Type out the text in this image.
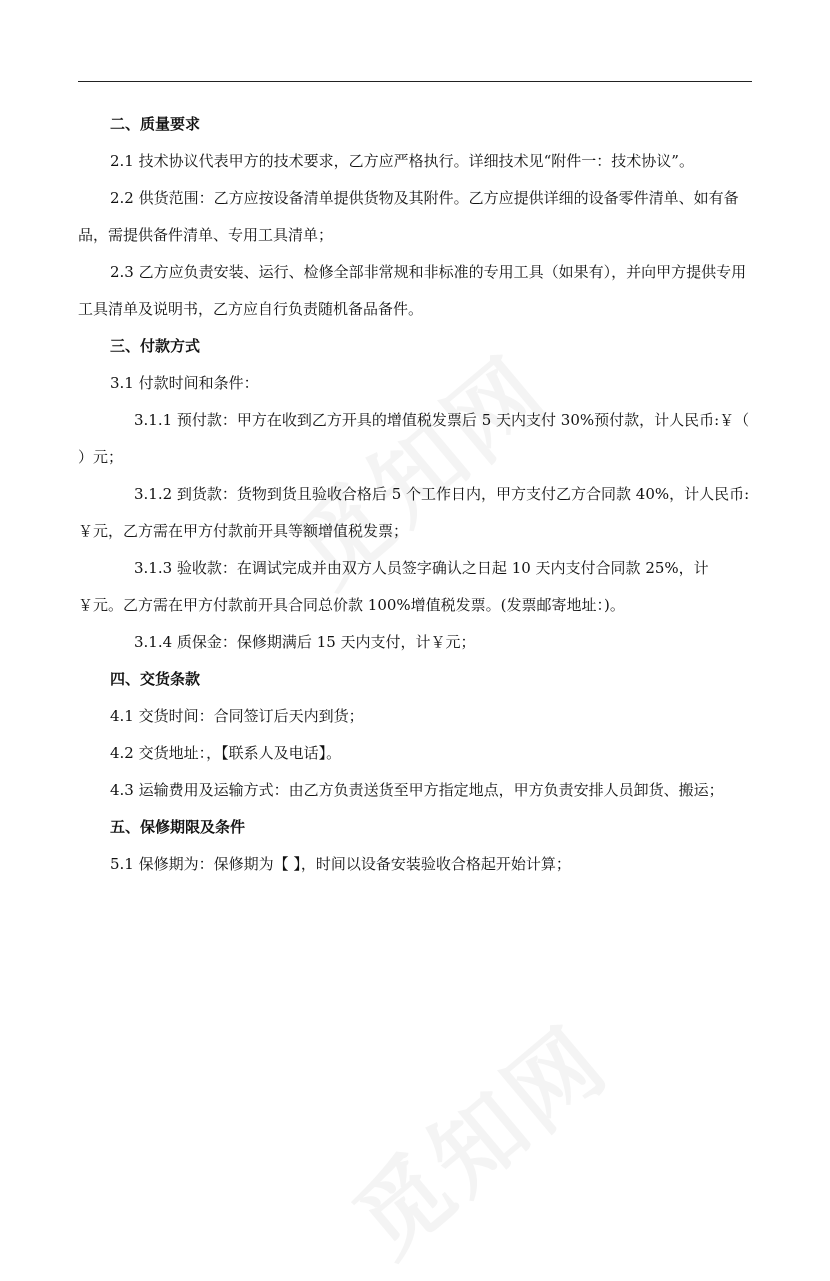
二、质量要求

2.1 技术协议代表甲方的技术要求，乙方应严格执行。详细技术见“附件一：技术协议”。

2.2 供货范围：乙方应按设备清单提供货物及其附件。乙方应提供详细的设备零件清单、如有备品，需提供备件清单、专用工具清单；

2.3 乙方应负责安装、运行、检修全部非常规和非标准的专用工具（如果有），并向甲方提供专用工具清单及说明书，乙方应自行负责随机备品备件。

三、付款方式

3.1 付款时间和条件：

3.1.1 预付款：甲方在收到乙方开具的增值税发票后 5 天内支付 30%预付款，计人民币:￥（ ）元；

3.1.2 到货款：货物到货且验收合格后 5 个工作日内，甲方支付乙方合同款 40%，计人民币:￥元，乙方需在甲方付款前开具等额增值税发票；

3.1.3 验收款：在调试完成并由双方人员签字确认之日起 10 天内支付合同款 25%，计￥元。乙方需在甲方付款前开具合同总价款 100%增值税发票。(发票邮寄地址：)。

3.1.4 质保金：保修期满后 15 天内支付，计￥元；

四、交货条款

4.1 交货时间：合同签订后天内到货；

4.2 交货地址：，【联系人及电话】。

4.3 运输费用及运输方式：由乙方负责送货至甲方指定地点，甲方负责安排人员卸货、搬运；

五、保修期限及条件

5.1 保修期为：保修期为【 】，时间以设备安装验收合格起开始计算；
